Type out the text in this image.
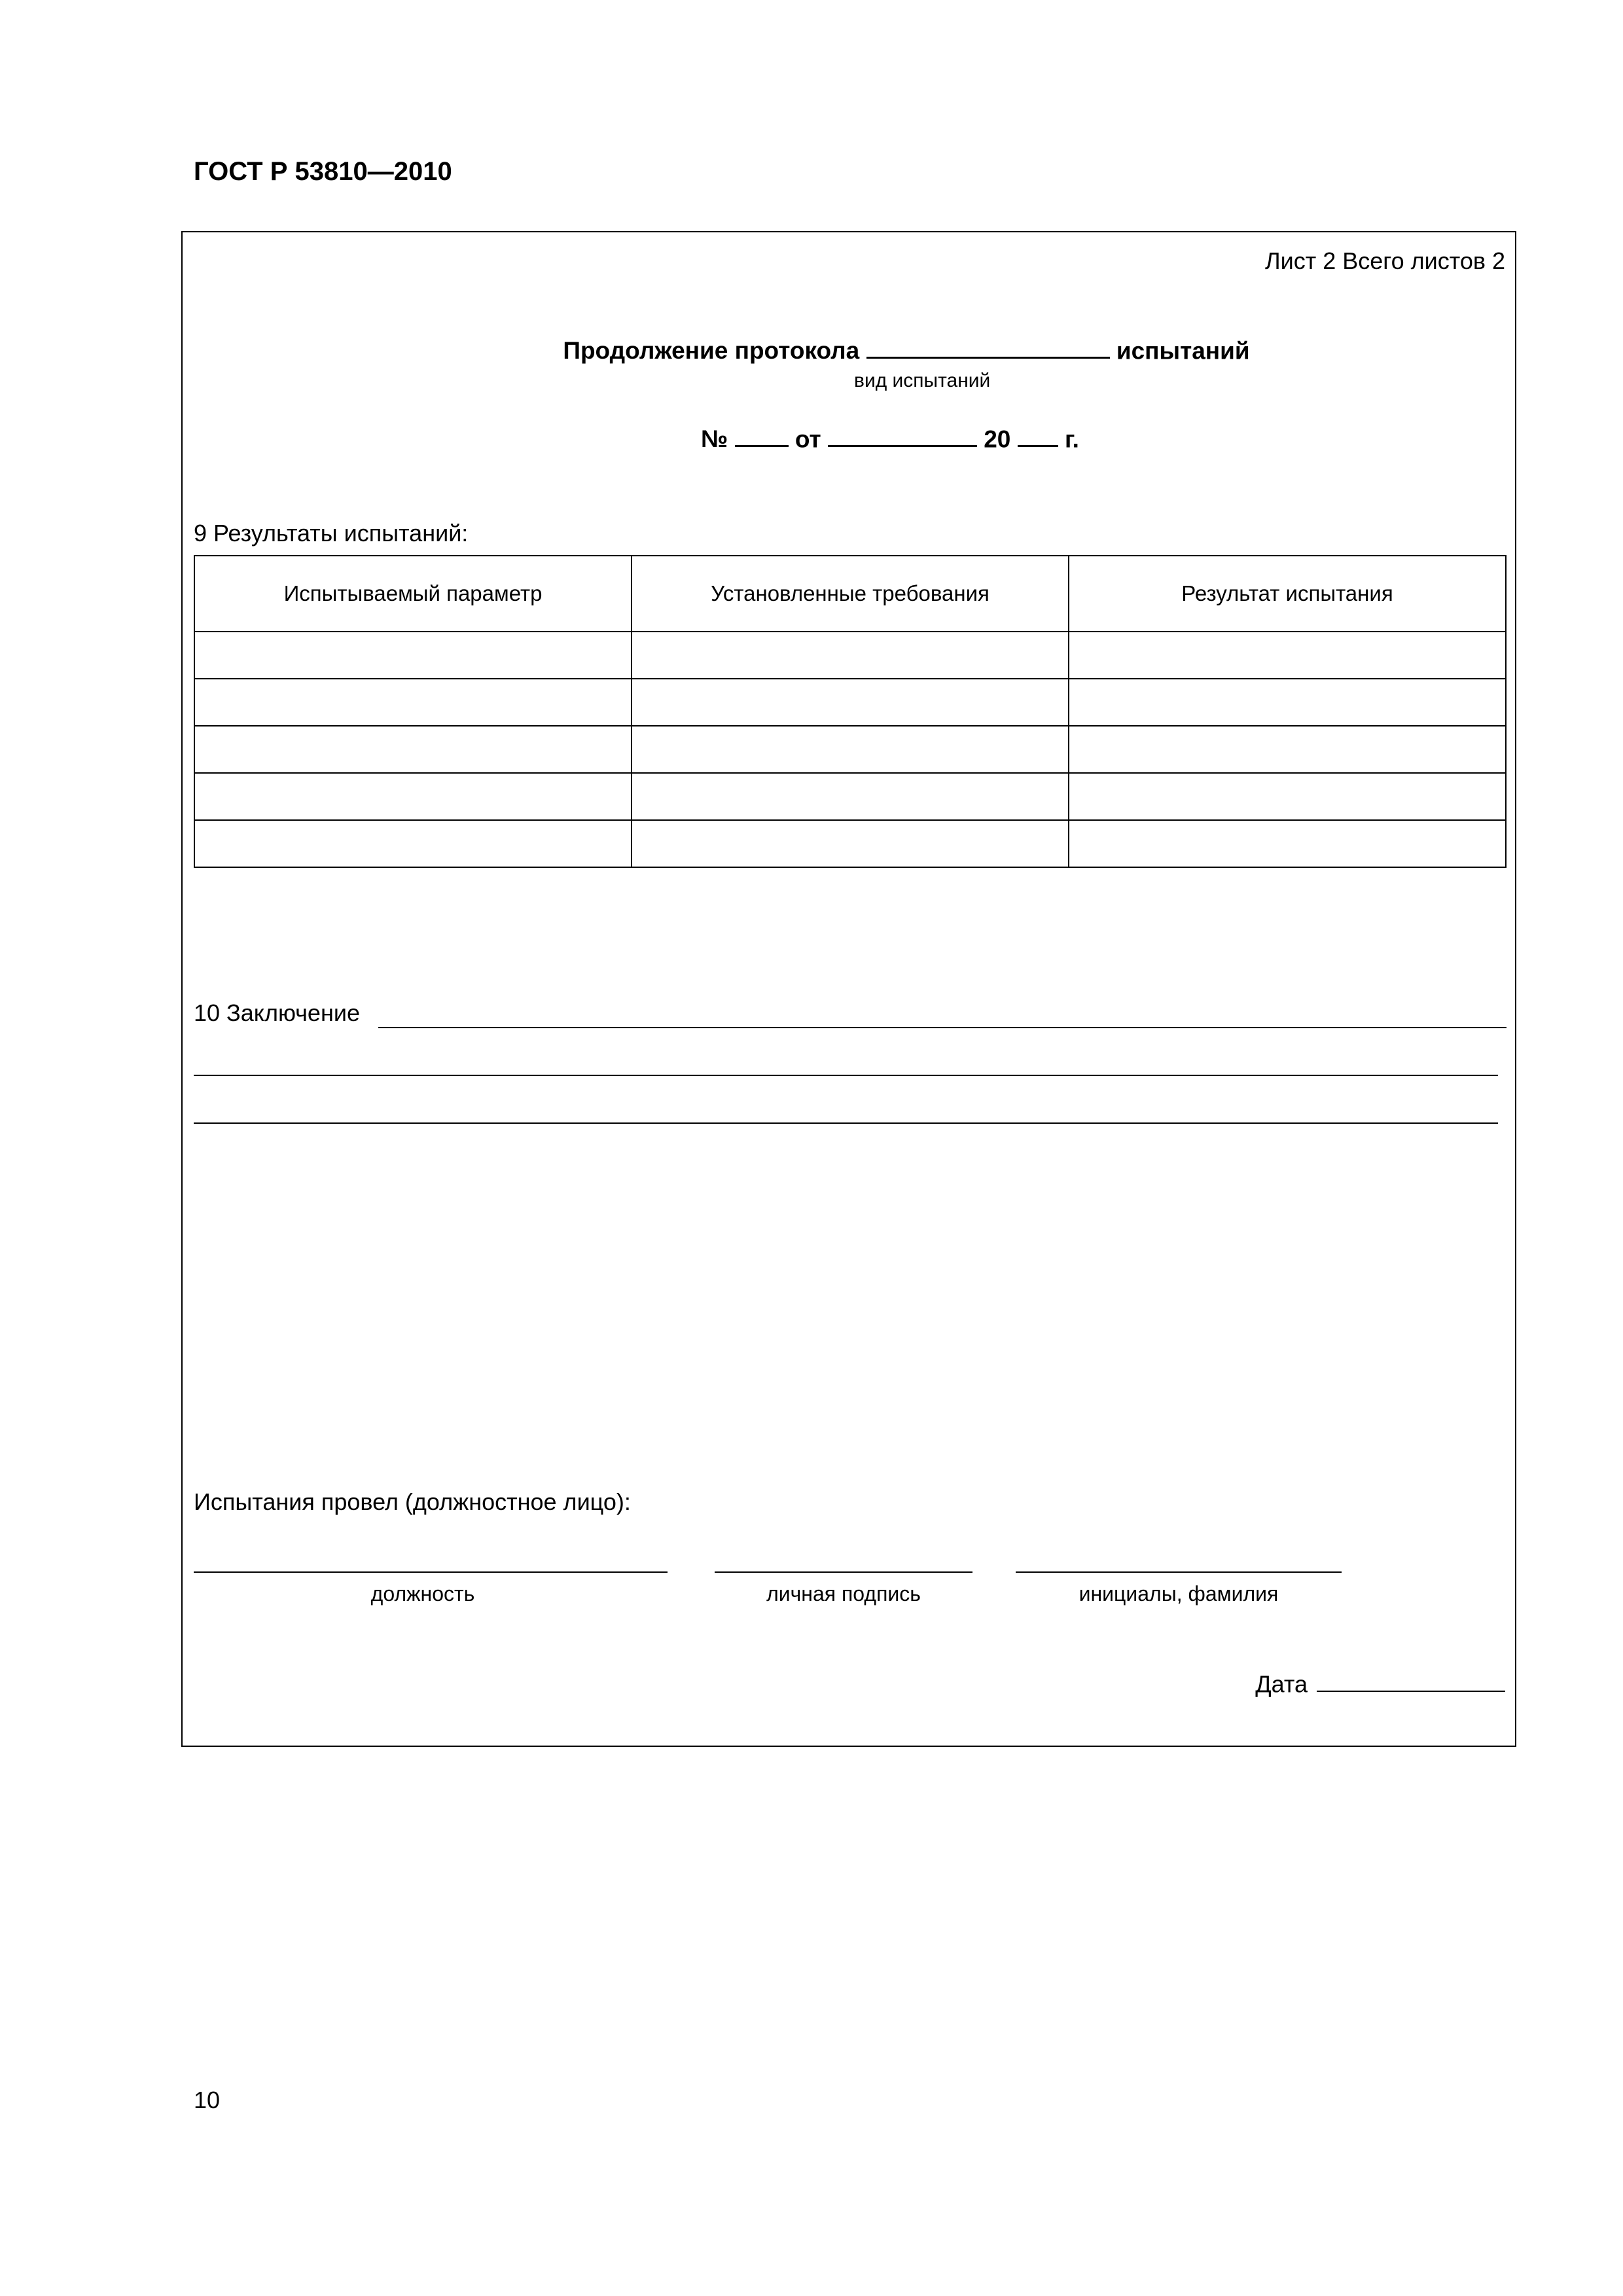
ГОСТ Р 53810—2010
Лист 2 Всего листов 2
Продолжение протокола	испытаний
вид испытаний
№	от	20 г.
9 Результаты испытаний:
Испытываемый параметр	Установленные требования	Результат испытания

10 Заключение
Испытания провел (должностное лицо):
должность	личная подпись	инициалы, фамилия
Дата
10
